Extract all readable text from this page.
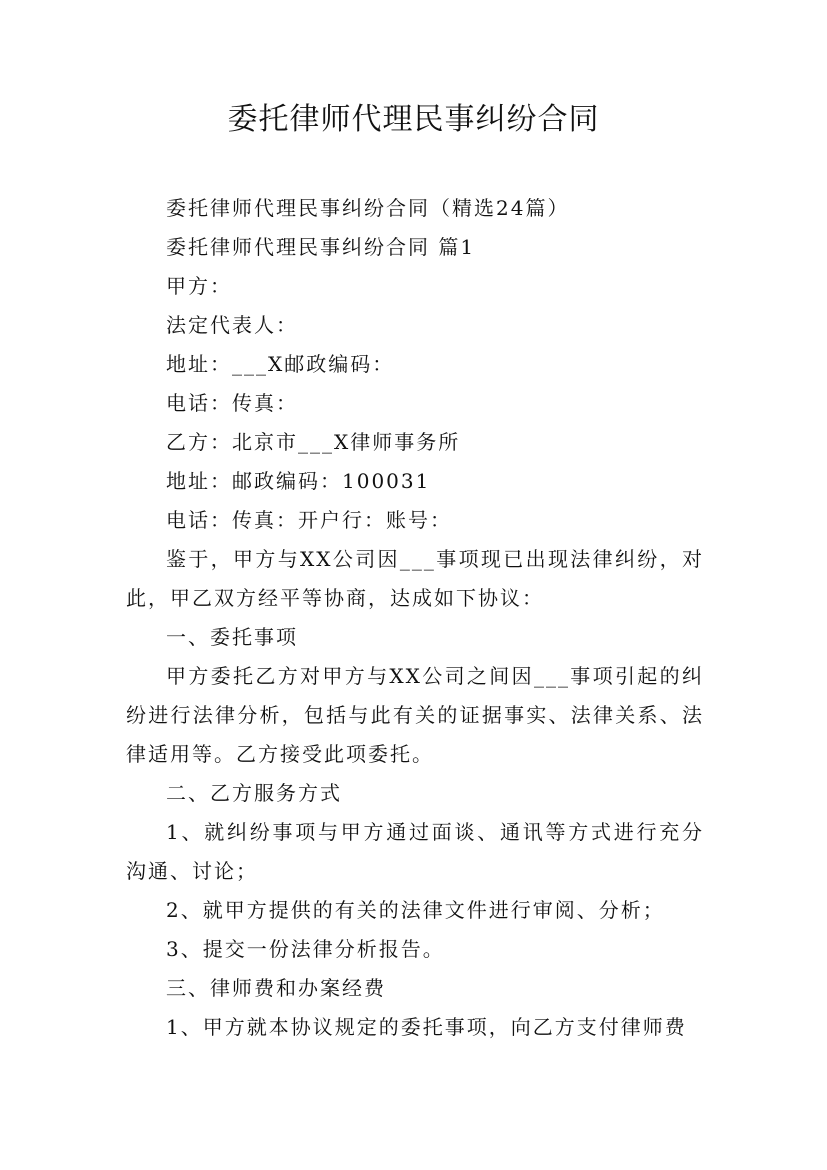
委托律师代理民事纠纷合同

委托律师代理民事纠纷合同（精选24篇）

委托律师代理民事纠纷合同 篇1

甲方：

法定代表人：

地址：___X邮政编码：

电话：传真：

乙方：北京市___X律师事务所

地址：邮政编码：100031

电话：传真：开户行：账号：

鉴于，甲方与XX公司因___事项现已出现法律纠纷，对此，甲乙双方经平等协商，达成如下协议：

一、委托事项

甲方委托乙方对甲方与XX公司之间因___事项引起的纠纷进行法律分析，包括与此有关的证据事实、法律关系、法律适用等。乙方接受此项委托。

二、乙方服务方式

1、就纠纷事项与甲方通过面谈、通讯等方式进行充分沟通、讨论；

2、就甲方提供的有关的法律文件进行审阅、分析；

3、提交一份法律分析报告。

三、律师费和办案经费

1、甲方就本协议规定的委托事项，向乙方支付律师费
